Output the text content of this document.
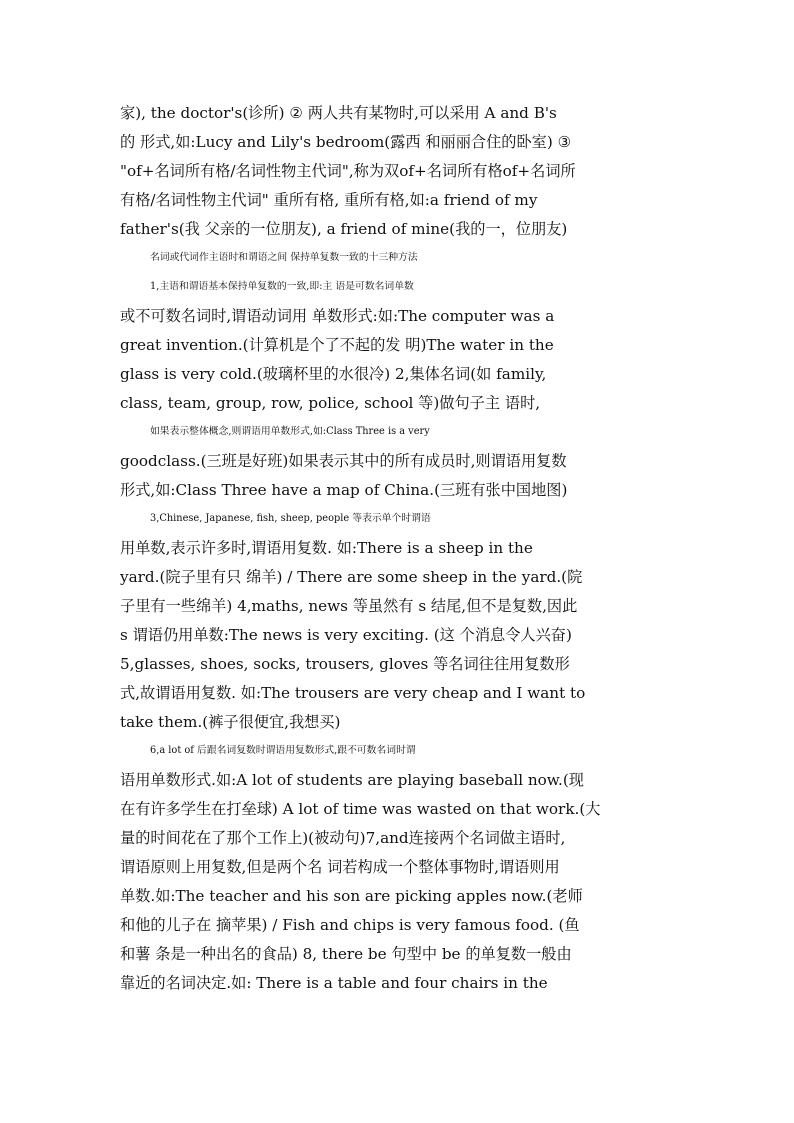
家), the doctor's(诊所) ② 两人共有某物时,可以采用 A and B's
的 形式,如:Lucy and Lily's bedroom(露西 和丽丽合住的卧室) ③
"of+名词所有格/名词性物主代词",称为双of+名词所有格of+名词所
有格/名词性物主代词" 重所有格, 重所有格,如:a friend of my
father's(我 父亲的一位朋友), a friend of mine(我的一，位朋友)
名词或代词作主语时和谓语之间 保持单复数一致的十三种方法
1,主语和谓语基本保持单复数的一致,即:主 语是可数名词单数
或不可数名词时,谓语动词用 单数形式:如:The computer was a
great invention.(计算机是个了不起的发 明)The water in the
glass is very cold.(玻璃杯里的水很冷) 2,集体名词(如 family,
class, team, group, row, police, school 等)做句子主 语时,
如果表示整体概念,则谓语用单数形式,如:Class Three is a very
goodclass.(三班是好班)如果表示其中的所有成员时,则谓语用复数
形式,如:Class Three have a map of China.(三班有张中国地图)
3,Chinese, Japanese, fish, sheep, people 等表示单个时谓语
用单数,表示许多时,谓语用复数. 如:There is a sheep in the
yard.(院子里有只 绵羊) / There are some sheep in the yard.(院
子里有一些绵羊) 4,maths, news 等虽然有 s 结尾,但不是复数,因此
s 谓语仍用单数:The news is very exciting. (这 个消息令人兴奋)
5,glasses, shoes, socks, trousers, gloves 等名词往往用复数形
式,故谓语用复数. 如:The trousers are very cheap and I want to
take them.(裤子很便宜,我想买)
6,a lot of 后跟名词复数时谓语用复数形式,跟不可数名词时谓
语用单数形式.如:A lot of students are playing baseball now.(现
在有许多学生在打垒球) A lot of time was wasted on that work.(大
量的时间花在了那个工作上)(被动句)7,and连接两个名词做主语时,
谓语原则上用复数,但是两个名 词若构成一个整体事物时,谓语则用
单数.如:The teacher and his son are picking apples now.(老师
和他的儿子在 摘苹果) / Fish and chips is very famous food. (鱼
和薯 条是一种出名的食品) 8, there be 句型中 be 的单复数一般由
靠近的名词决定.如: There is a table and four chairs in the
